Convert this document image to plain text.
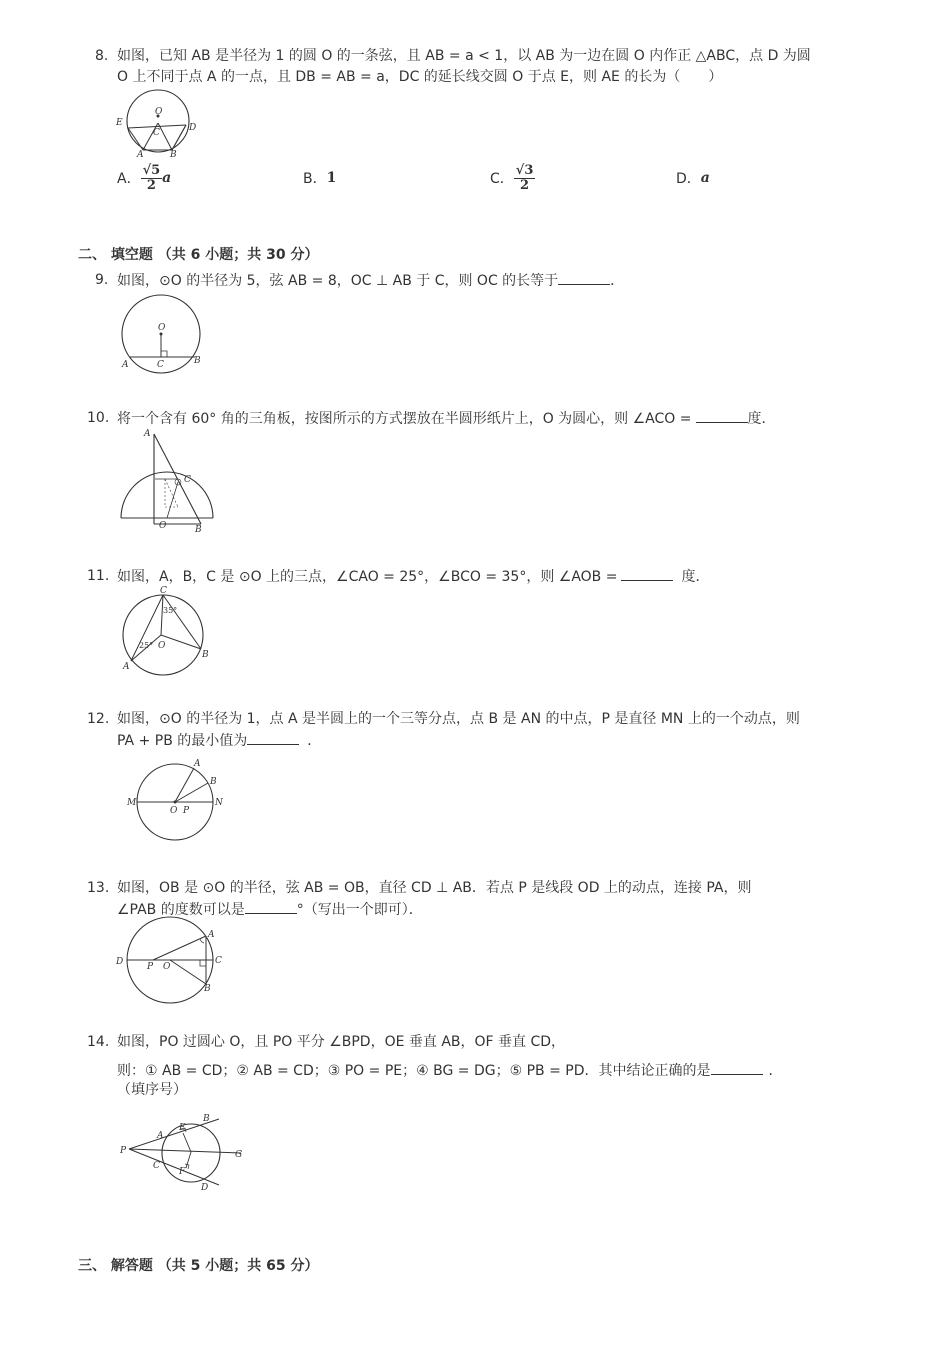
8. 如图，已知 AB 是半径为 1 的圆 O 的一条弦，且 AB = a < 1，以 AB 为一边在圆 O 内作正 △ABC，点 D 为圆
O 上不同于点 A 的一点，且 DB = AB = a，DC 的延长线交圆 O 于点 E，则 AE 的长为（　　）
O
E
C	D
A	B
A． $\frac{√5}{2}$ a	B． 1	C． $\frac{√3}{2}$	D． a
二、 填空题 （共 6 小题；共 30 分）
9. 如图，⊙O 的半径为 5，弦 AB = 8，OC ⊥ AB 于 C，则 OC 的长等于	．
O
A	C	B
10. 将一个含有 60° 角的三角板，按图所示的方式摆放在半圆形纸片上，O 为圆心，则 ∠ACO =	度．
A
C
O	B
11. 如图，A，B，C 是 ⊙O 上的三点，∠CAO = 25°，∠BCO = 35°，则 ∠AOB =	度．
C
35°
25° O
A
B
12. 如图，⊙O 的半径为 1，点 A 是半圆上的一个三等分点，点 B 是 AN 的中点，P 是直径 MN 上的一个动点，则
PA + PB 的最小值为	．
A
B
M
O P
N
13. 如图，OB 是 ⊙O 的半径，弦 AB = OB，直径 CD ⊥ AB．若点 P 是线段 OD 上的动点，连接 PA，则
∠PAB 的度数可以是	°（写出一个即可）．
D	P O
A
C
B
14. 如图，PO 过圆心 O，且 PO 平分 ∠BPD，OE 垂直 AB，OF 垂直 CD，
则：① AB = CD；② AB = CD；③ PO = PE；④ BG = DG；⑤ PB = PD．其中结论正确的是	．
（填序号）
B
E
A
P	G
C
F
D
三、 解答题 （共 5 小题；共 65 分）
